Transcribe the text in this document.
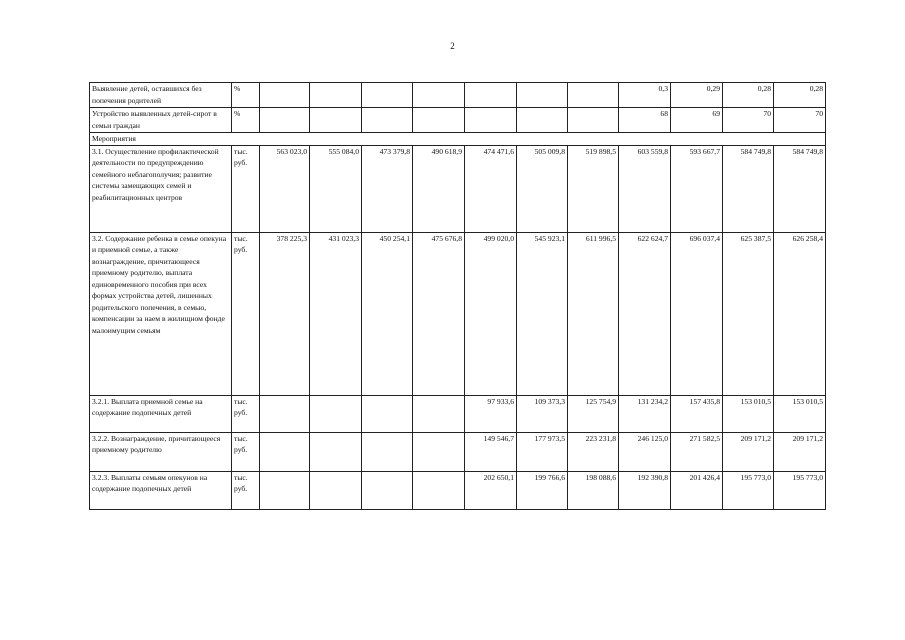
2
Выявление детей, оставшихся без попечения родителей	%								0,3	0,29	0,28	0,28
Устройство выявленных детей-сирот в семьи граждан	%								68	69	70	70
Мероприятия												
3.1. Осуществление профилактической деятельности по предупреждению семейного неблагополучия; развитие системы замещающих семей и реабилитационных центров	тыс. руб.	563 023,0	555 084,0	473 379,8	490 618,9	474 471,6	505 009,8	519 898,5	603 559,8	593 667,7	584 749,8	584 749,8
3.2. Содержание ребенка в семье опекуна и приемной семье, а также вознаграждение, причитающееся приемному родителю, выплата единовременного пособия при всех формах устройства детей, лишенных родительского попечения, в семью, компенсации за наем в жилищном фонде малоимущим семьям	тыс. руб.	378 225,3	431 023,3	450 254,1	475 676,8	499 020,0	545 923,1	611 996,5	622 624,7	696 037,4	625 387,5	626 258,4
3.2.1. Выплата приемной семье на содержание подопечных детей	тыс. руб.					97 933,6	109 373,3	125 754,9	131 234,2	157 435,8	153 010,5	153 010,5
3.2.2. Вознаграждение, причитающееся приемному родителю	тыс. руб.					149 546,7	177 973,5	223 231,8	246 125,0	271 582,5	209 171,2	209 171,2
3.2.3. Выплаты семьям опекунов на содержание подопечных детей	тыс. руб.					202 650,1	199 766,6	198 088,6	192 390,8	201 426,4	195 773,0	195 773,0
